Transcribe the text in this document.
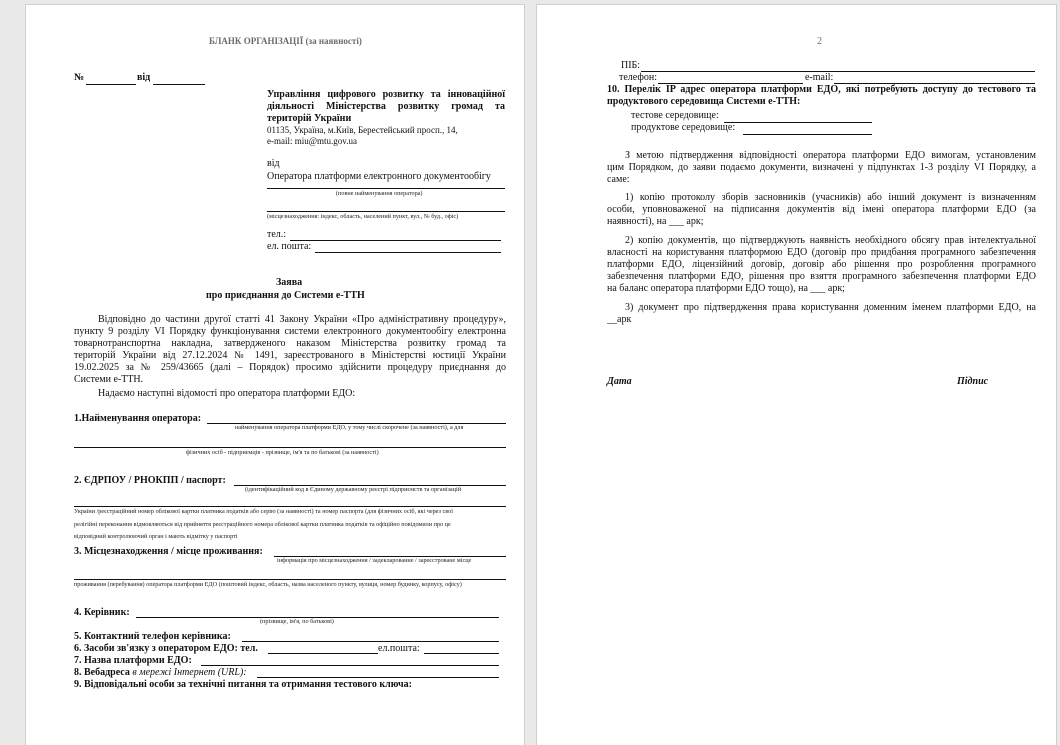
БЛАНК ОРГАНІЗАЦІЇ (за наявності)
№	від
Управління цифрового розвитку та інноваційної
діяльності Міністерства розвитку громад та
територій України
01135, Україна, м.Київ, Берестейський просп., 14,
e-mail: miu@mtu.gov.ua
від
Оператора платформи електронного документообігу
(повне найменування оператора)
(місцезнаходження: індекс, область, населений пункт, вул., № буд., офіс)
тел.:
ел. пошта:
Заява
про приєднання до Системи е-ТТН
Відповідно до частини другої статті 41 Закону України «Про адміністративну процедуру»,
пункту 9 розділу VI Порядку функціонування системи електронного документообігу електронна
товарнотранспортна накладна, затвердженого наказом Міністерства розвитку громад та
територій України від 27.12.2024 № 1491, зареєстрованого в Міністерстві юстиції України
19.02.2025 за № 259/43665 (далі – Порядок) просимо здійснити процедуру приєднання до
Системи е-ТТН.
Надаємо наступні відомості про оператора платформи ЕДО:
1.Найменування оператора:
найменування оператора платформи ЕДО, у тому числі скорочене (за наявності), а для
фізичних осіб - підприємців - прізвище, ім'я та по батькові (за наявності)
2. ЄДРПОУ / РНОКПП / паспорт:
(ідентифікаційний код в Єдиному державному реєстрі підприємств та організацій
України /реєстраційний номер облікової картки платника податків або серію (за наявності) та номер паспорта (для фізичних осіб, які через свої
релігійні переконання відмовляються від прийняття реєстраційного номера облікової картки платника податків та офіційно повідомили про це
відповідний контролюючий орган і мають відмітку у паспорті
3. Місцезнаходження / місце проживання:
інформація про місцезнаходження / задекларование / зареєстроване місце
проживання (перебування) оператора платформи ЕДО (поштовий індекс, область, назва населеного пункту, вулиця, номер будинку, корпусу, офісу)
4. Керівник:
(прізвище, ім'я, по батькові)
5. Контактний телефон керівника:
6. Засоби зв'язку з оператором ЕДО: тел.	ел.пошта:
7. Назва платформи ЕДО:
8. Вебадреса в мережі Інтернет (URL):
9. Відповідальні особи за технічні питання та отримання тестового ключа:
2
ПІБ:
телефон:	e-mail:
10. Перелік IP адрес оператора платформи ЕДО, які потребують доступу до тестового та
продуктового середовища Системи е-ТТН:
тестове середовище:
продуктове середовище:
З метою підтвердження відповідності оператора платформи ЕДО вимогам, установленим
цим Порядком, до заяви подаємо документи, визначені у підпунктах 1-3 розділу VI Порядку, а
саме:
1) копію протоколу зборів засновників (учасників) або інший документ із визначенням
особи, уповноваженої на підписання документів від імені оператора платформи ЕДО (за
наявності), на ___ арк;
2) копію документів, що підтверджують наявність необхідного обсягу прав інтелектуальної
власності на користування платформою ЕДО (договір про придбання програмного забезпечення
платформи ЕДО, ліцензійний договір, договір або рішення про розроблення програмного
забезпечення платформи ЕДО, рішення про взяття програмного забезпечення платформи ЕДО
на баланс оператора платформи ЕДО тощо), на ___ арк;
3) документ про підтвердження права користування доменним іменем платформи ЕДО, на
__арк
Дата	Підпис
